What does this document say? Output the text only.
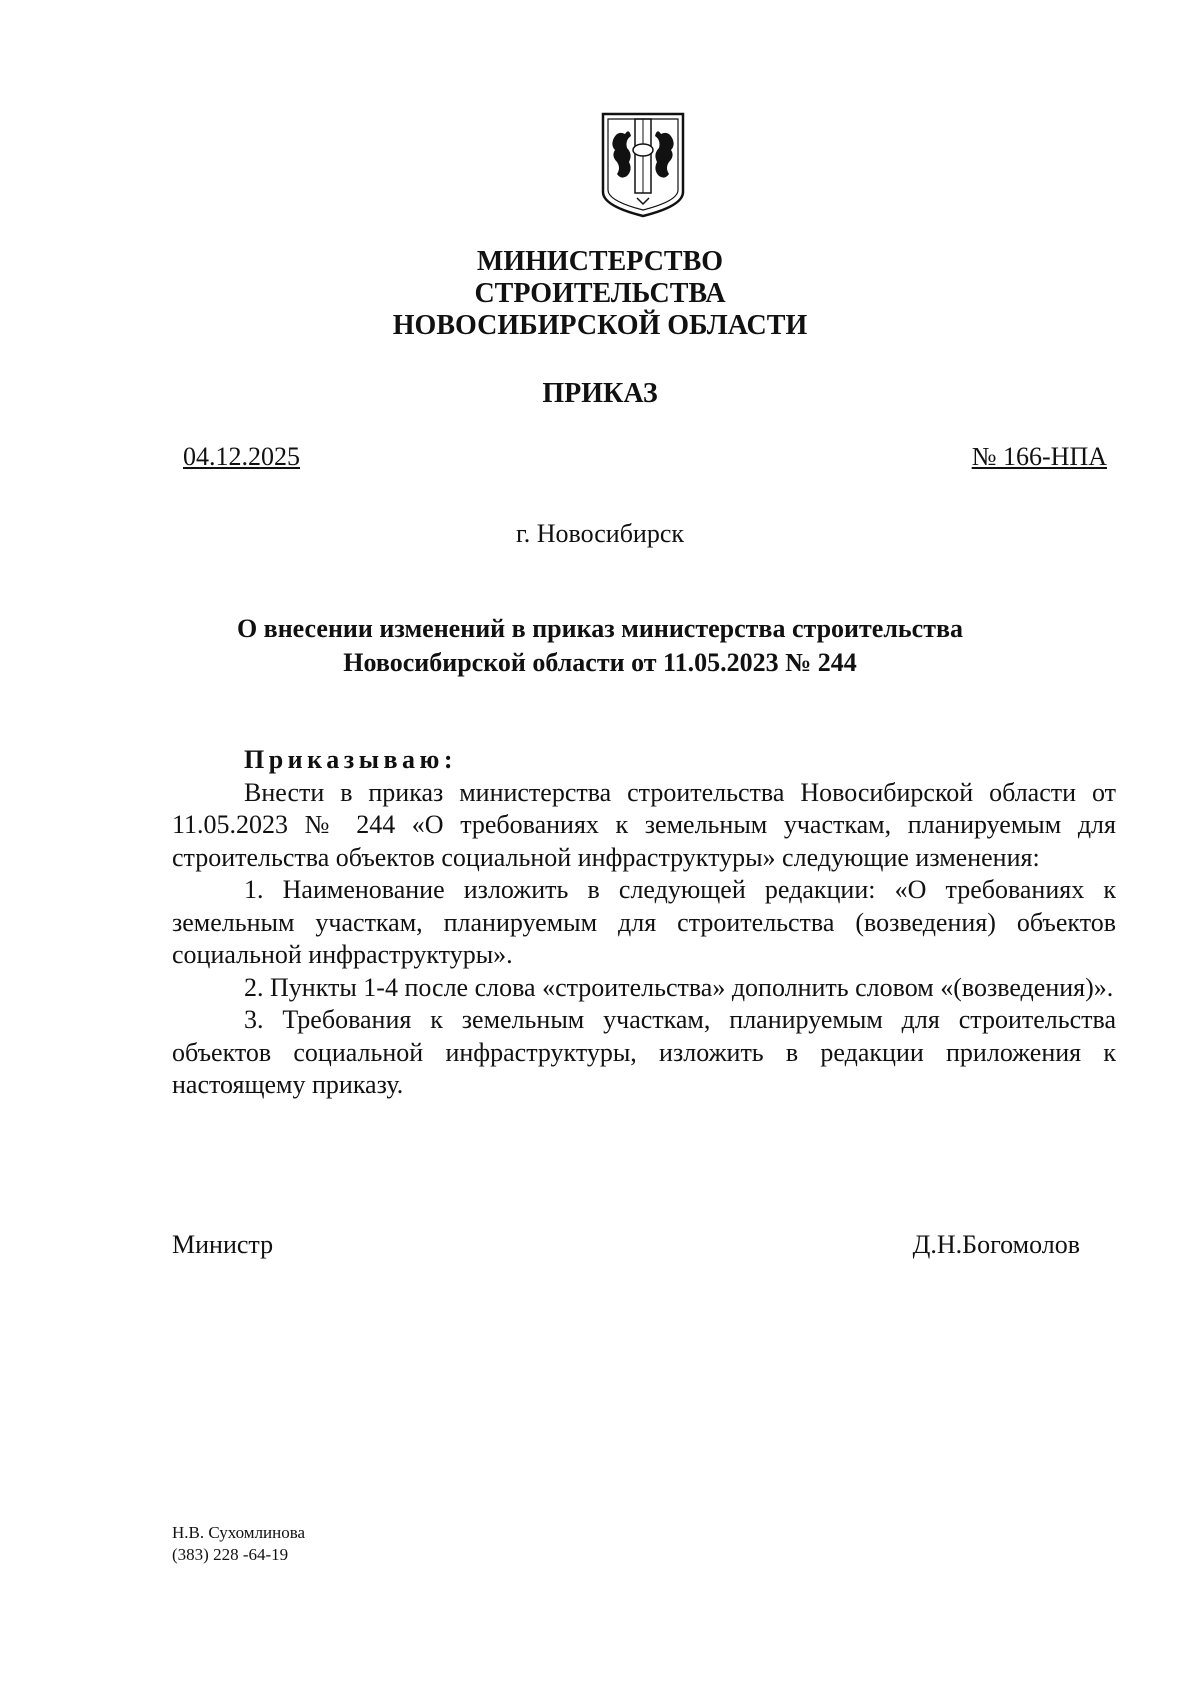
МИНИСТЕРСТВО
СТРОИТЕЛЬСТВА
НОВОСИБИРСКОЙ ОБЛАСТИ
ПРИКАЗ
04.12.2025	№ 166-НПА
г. Новосибирск
О внесении изменений в приказ министерства строительства
Новосибирской области от 11.05.2023 № 244

Приказываю:

Внести в приказ министерства строительства Новосибирской области от 11.05.2023 № 244 «О требованиях к земельным участкам, планируемым для строительства объектов социальной инфраструктуры» следующие изменения:

1. Наименование изложить в следующей редакции: «О требованиях к земельным участкам, планируемым для строительства (возведения) объектов социальной инфраструктуры».

2. Пункты 1-4 после слова «строительства» дополнить словом «(возведения)».

3. Требования к земельным участкам, планируемым для строительства объектов социальной инфраструктуры, изложить в редакции приложения к настоящему приказу.

Министр	Д.Н.Богомолов
Н.В. Сухомлинова
(383) 228 -64-19
